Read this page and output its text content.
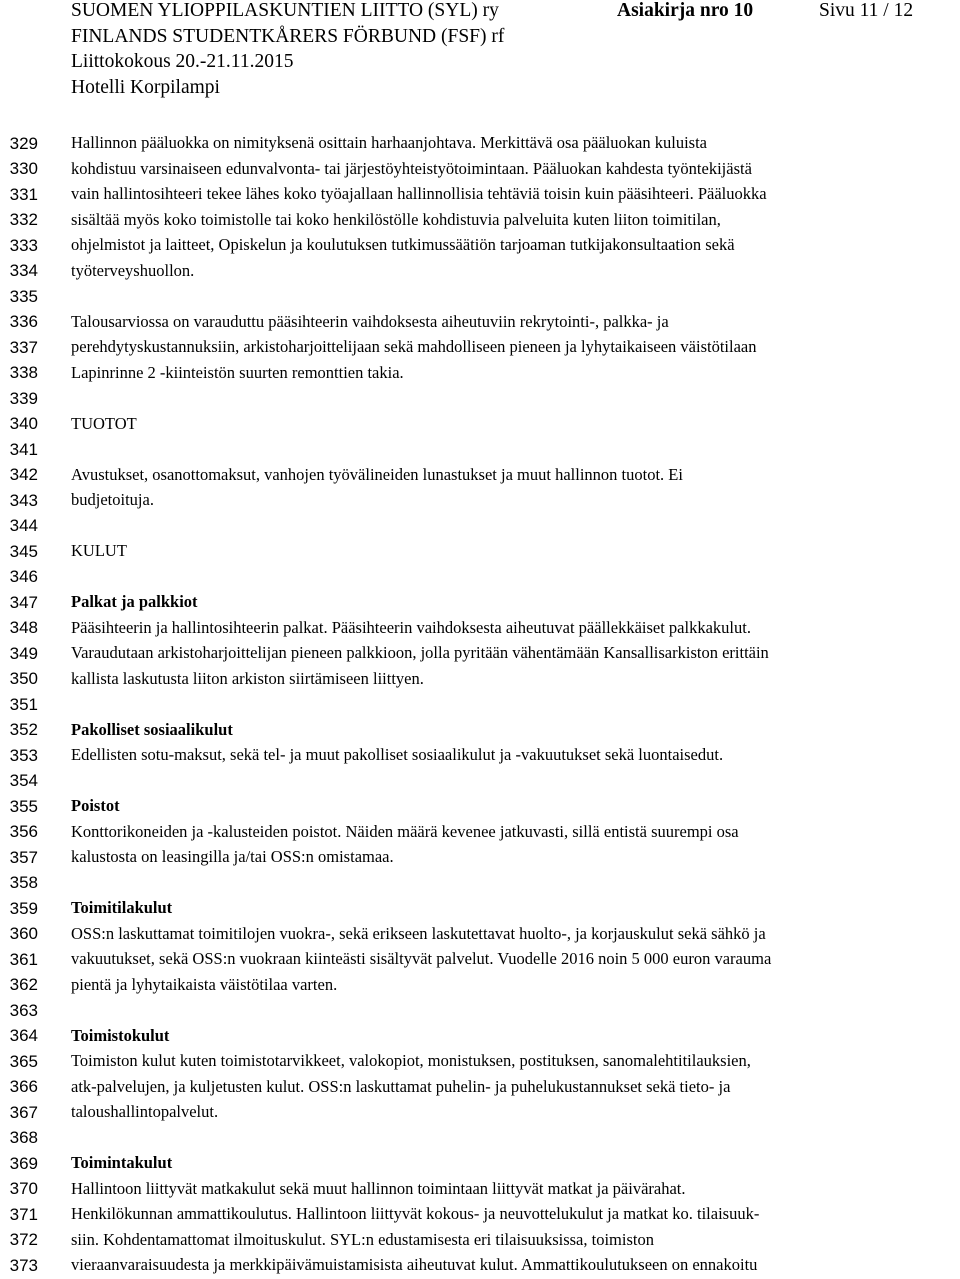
SUOMEN YLIOPPILASKUNTIEN LIITTO (SYL) ry	Asiakirja nro 10	Sivu 11 / 12
FINLANDS STUDENTKÅRERS FÖRBUND (FSF) rf
Liittokokous 20.-21.11.2015
Hotelli Korpilampi
329
330
331
332
333
334
335
336
337
338
339
340
341
342
343
344
345
346
347
348
349
350
351
352
353
354
355
356
357
358
359
360
361
362
363
364
365
366
367
368
369
370
371
372
373
Hallinnon pääluokka on nimityksenä osittain harhaanjohtava. Merkittävä osa pääluokan kuluista
kohdistuu varsinaiseen edunvalvonta- tai järjestöyhteistyötoimintaan. Pääluokan kahdesta työntekijästä
vain hallintosihteeri tekee lähes koko työajallaan hallinnollisia tehtäviä toisin kuin pääsihteeri. Pääluokka
sisältää myös koko toimistolle tai koko henkilöstölle kohdistuvia palveluita kuten liiton toimitilan,
ohjelmistot ja laitteet, Opiskelun ja koulutuksen tutkimussäätiön tarjoaman tutkijakonsultaation sekä
työterveyshuollon.
Talousarviossa on varauduttu pääsihteerin vaihdoksesta aiheutuviin rekrytointi-, palkka- ja
perehdytyskustannuksiin, arkistoharjoittelijaan sekä mahdolliseen pieneen ja lyhytaikaiseen väistötilaan
Lapinrinne 2 -kiinteistön suurten remonttien takia.
TUOTOT
Avustukset, osanottomaksut, vanhojen työvälineiden lunastukset ja muut hallinnon tuotot. Ei
budjetoituja.
KULUT
Palkat ja palkkiot
Pääsihteerin ja hallintosihteerin palkat. Pääsihteerin vaihdoksesta aiheutuvat päällekkäiset palkkakulut.
Varaudutaan arkistoharjoittelijan pieneen palkkioon, jolla pyritään vähentämään Kansallisarkiston erittäin
kallista laskutusta liiton arkiston siirtämiseen liittyen.
Pakolliset sosiaalikulut
Edellisten sotu-maksut, sekä tel- ja muut pakolliset sosiaalikulut ja -vakuutukset sekä luontaisedut.
Poistot
Konttorikoneiden ja -kalusteiden poistot. Näiden määrä kevenee jatkuvasti, sillä entistä suurempi osa
kalustosta on leasingilla ja/tai OSS:n omistamaa.
Toimitilakulut
OSS:n laskuttamat toimitilojen vuokra-, sekä erikseen laskutettavat huolto-, ja korjauskulut sekä sähkö ja
vakuutukset, sekä OSS:n vuokraan kiinteästi sisältyvät palvelut. Vuodelle 2016 noin 5 000 euron varauma
pientä ja lyhytaikaista väistötilaa varten.
Toimistokulut
Toimiston kulut kuten toimistotarvikkeet, valokopiot, monistuksen, postituksen, sanomalehtitilauksien,
atk-palvelujen, ja kuljetusten kulut. OSS:n laskuttamat puhelin- ja puhelukustannukset sekä tieto- ja
taloushallintopalvelut.
Toimintakulut
Hallintoon liittyvät matkakulut sekä muut hallinnon toimintaan liittyvät matkat ja päivärahat.
Henkilökunnan ammattikoulutus. Hallintoon liittyvät kokous- ja neuvottelukulut ja matkat ko. tilaisuuk-
siin. Kohdentamattomat ilmoituskulut. SYL:n edustamisesta eri tilaisuuksissa, toimiston
vieraanvaraisuudesta ja merkkipäivämuistamisista aiheutuvat kulut. Ammattikoulutukseen on ennakoitu
